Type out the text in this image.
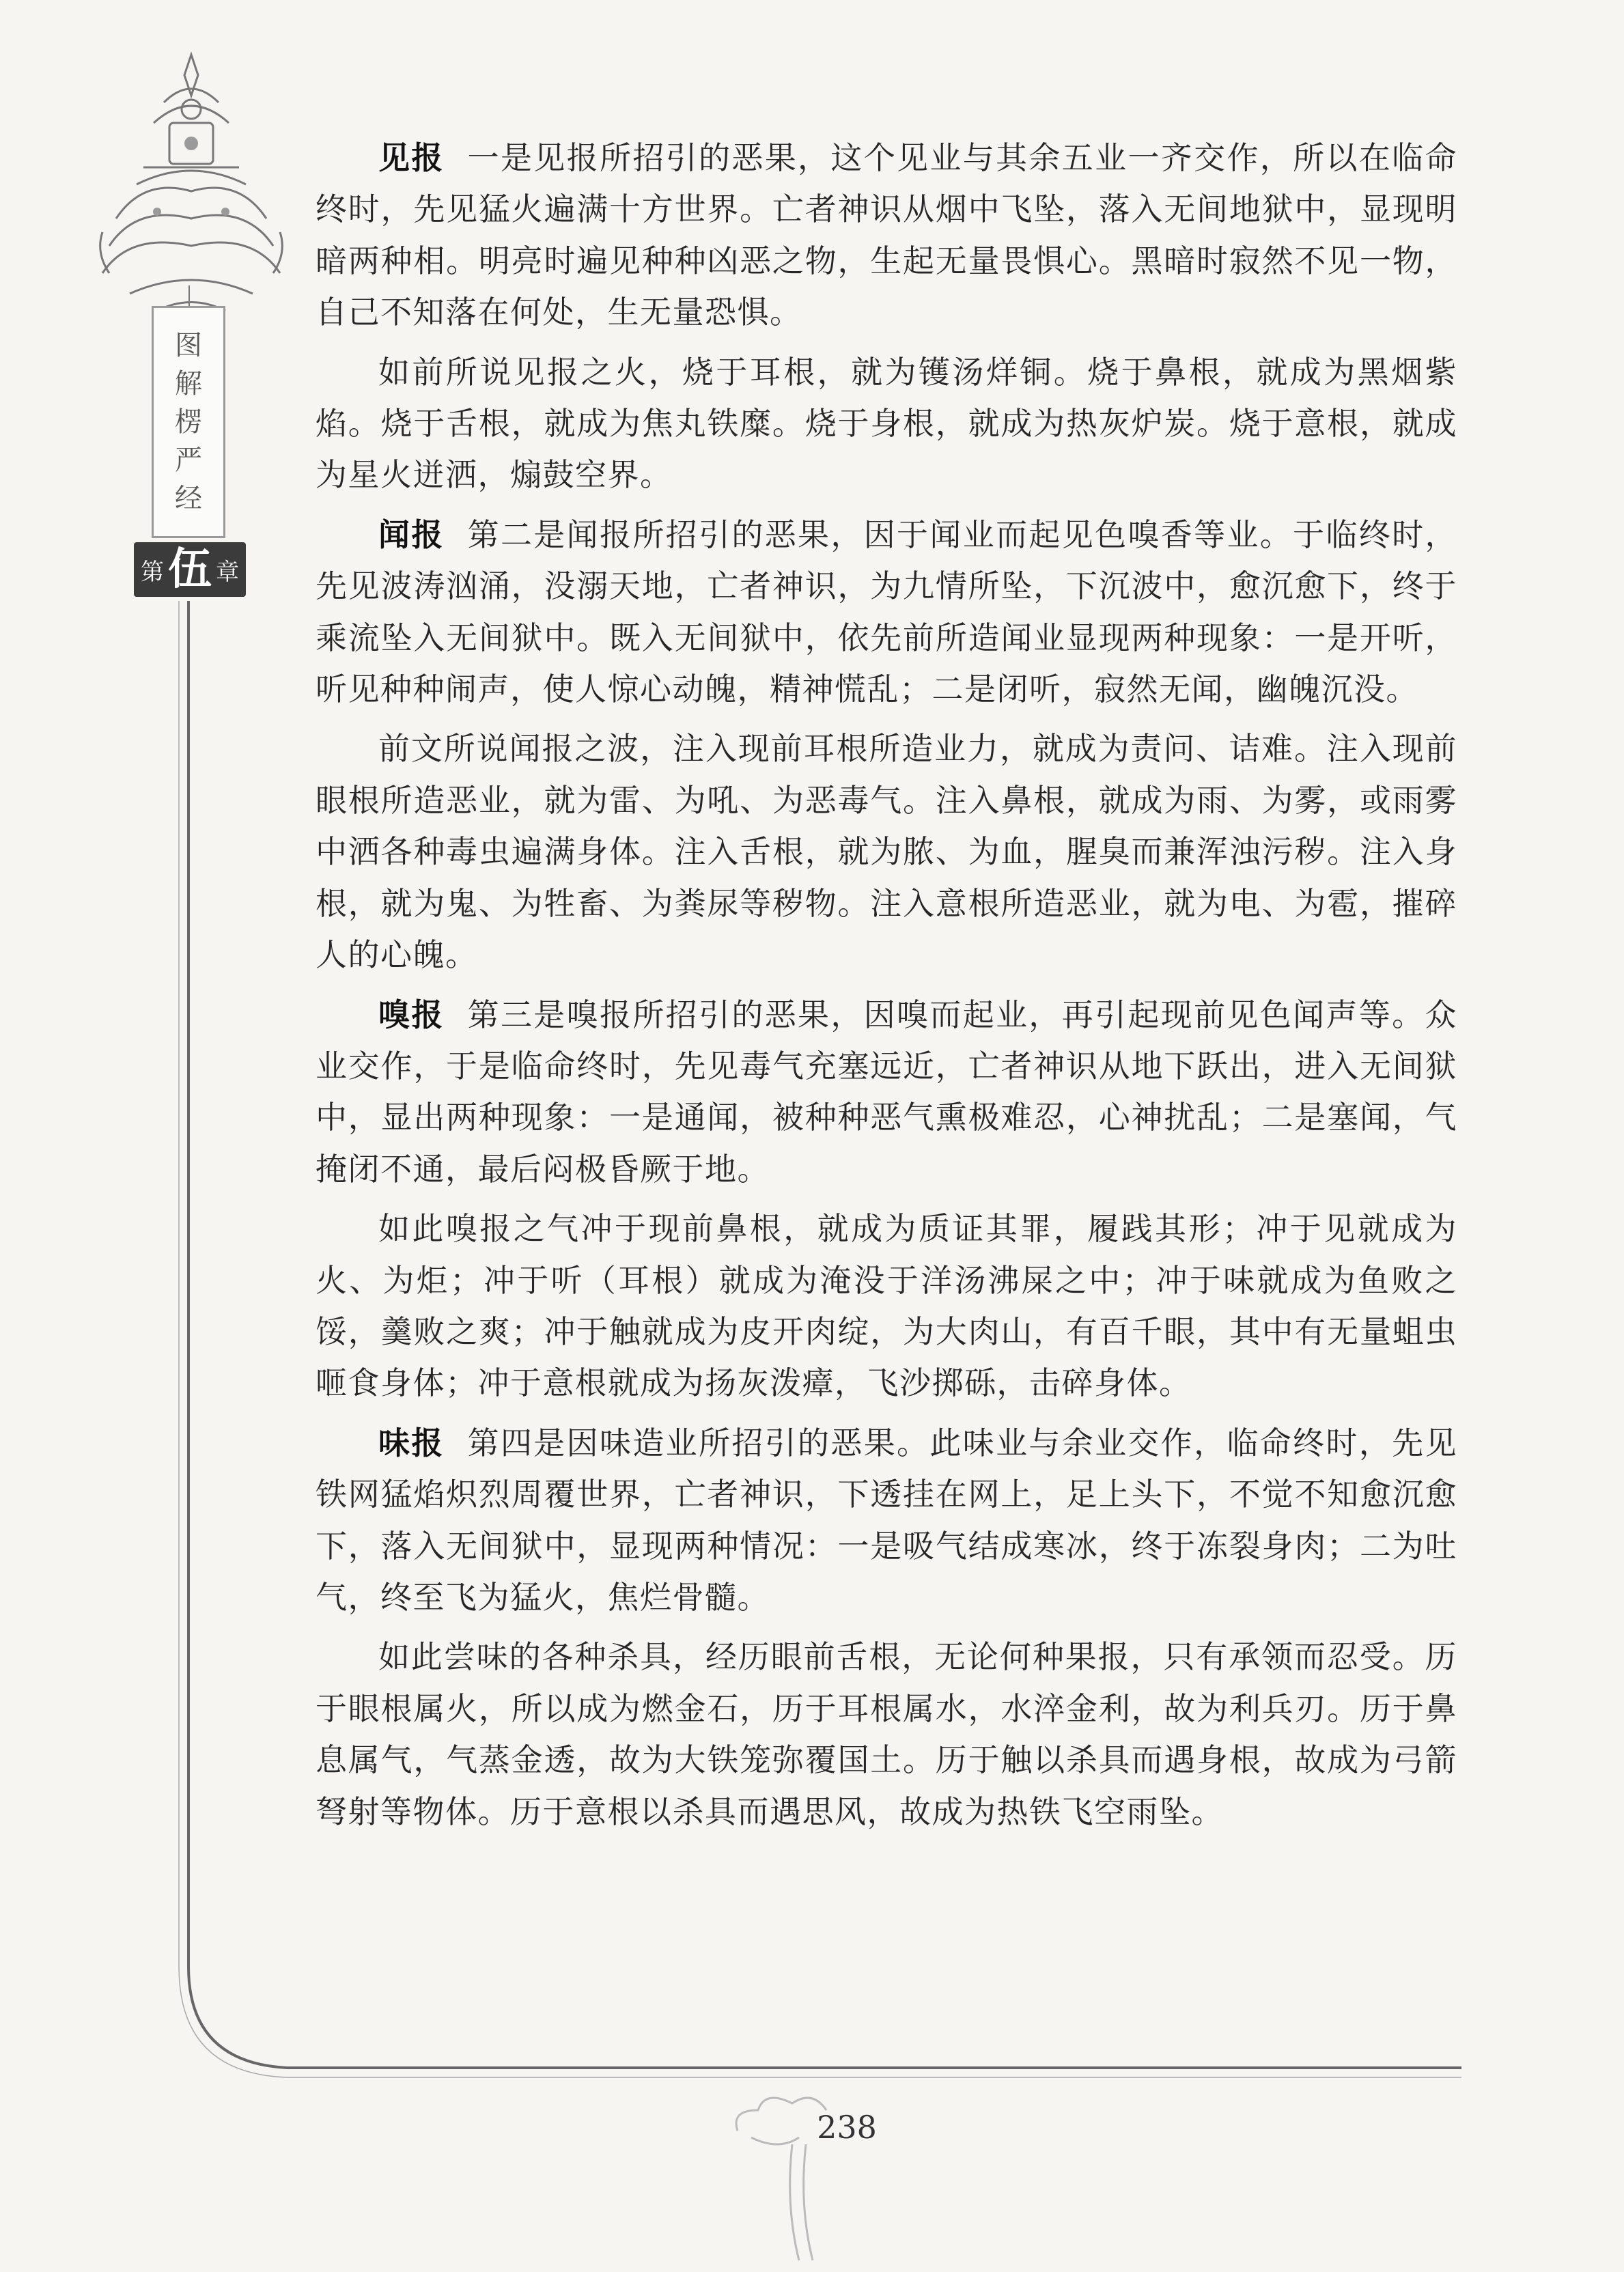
图
解
楞
严
经
第 伍 章

见报 一是见报所招引的恶果，这个见业与其余五业一齐交作，所以在临命终时，先见猛火遍满十方世界。亡者神识从烟中飞坠，落入无间地狱中，显现明暗两种相。明亮时遍见种种凶恶之物，生起无量畏惧心。黑暗时寂然不见一物，自己不知落在何处，生无量恐惧。

如前所说见报之火，烧于耳根，就为镬汤烊铜。烧于鼻根，就成为黑烟紫焰。烧于舌根，就成为焦丸铁糜。烧于身根，就成为热灰炉炭。烧于意根，就成为星火迸洒，煽鼓空界。

闻报 第二是闻报所招引的恶果，因于闻业而起见色嗅香等业。于临终时，先见波涛汹涌，没溺天地，亡者神识，为九情所坠，下沉波中，愈沉愈下，终于乘流坠入无间狱中。既入无间狱中，依先前所造闻业显现两种现象：一是开听，听见种种闹声，使人惊心动魄，精神慌乱；二是闭听，寂然无闻，幽魄沉没。

前文所说闻报之波，注入现前耳根所造业力，就成为责问、诘难。注入现前眼根所造恶业，就为雷、为吼、为恶毒气。注入鼻根，就成为雨、为雾，或雨雾中洒各种毒虫遍满身体。注入舌根，就为脓、为血，腥臭而兼浑浊污秽。注入身根，就为鬼、为牲畜、为粪尿等秽物。注入意根所造恶业，就为电、为雹，摧碎人的心魄。

嗅报 第三是嗅报所招引的恶果，因嗅而起业，再引起现前见色闻声等。众业交作，于是临命终时，先见毒气充塞远近，亡者神识从地下跃出，进入无间狱中，显出两种现象：一是通闻，被种种恶气熏极难忍，心神扰乱；二是塞闻，气掩闭不通，最后闷极昏厥于地。

如此嗅报之气冲于现前鼻根，就成为质证其罪，履践其形；冲于见就成为火、为炬；冲于听（耳根）就成为淹没于洋汤沸屎之中；冲于味就成为鱼败之馁，羹败之爽；冲于触就成为皮开肉绽，为大肉山，有百千眼，其中有无量蛆虫咂食身体；冲于意根就成为扬灰泼瘴，飞沙掷砾，击碎身体。

味报 第四是因味造业所招引的恶果。此味业与余业交作，临命终时，先见铁网猛焰炽烈周覆世界，亡者神识，下透挂在网上，足上头下，不觉不知愈沉愈下，落入无间狱中，显现两种情况：一是吸气结成寒冰，终于冻裂身肉；二为吐气，终至飞为猛火，焦烂骨髓。

如此尝味的各种杀具，经历眼前舌根，无论何种果报，只有承领而忍受。历于眼根属火，所以成为燃金石，历于耳根属水，水淬金利，故为利兵刃。历于鼻息属气，气蒸金透，故为大铁笼弥覆国土。历于触以杀具而遇身根，故成为弓箭弩射等物体。历于意根以杀具而遇思风，故成为热铁飞空雨坠。

238
